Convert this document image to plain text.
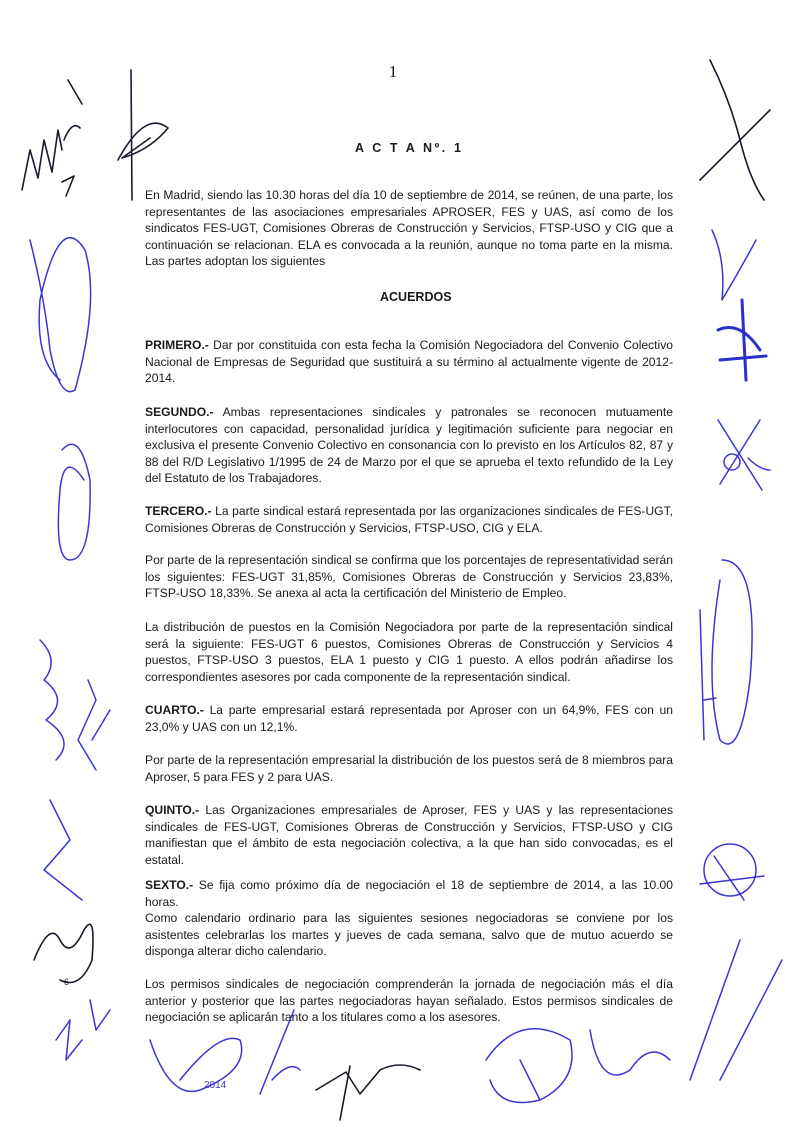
1
A C T A Nº. 1
En Madrid, siendo las 10.30 horas del día 10 de septiembre de 2014, se reúnen, de una parte, los representantes de las asociaciones empresariales APROSER, FES y UAS, así como de los sindicatos FES-UGT, Comisiones Obreras de Construcción y Servicios, FTSP-USO y CIG que a continuación se relacionan. ELA es convocada a la reunión, aunque no toma parte en la misma. Las partes adoptan los siguientes
ACUERDOS
PRIMERO.- Dar por constituida con esta fecha la Comisión Negociadora del Convenio Colectivo Nacional de Empresas de Seguridad que sustituirá a su término al actualmente vigente de 2012-2014.
SEGUNDO.- Ambas representaciones sindicales y patronales se reconocen mutuamente interlocutores con capacidad, personalidad jurídica y legitimación suficiente para negociar en exclusiva el presente Convenio Colectivo en consonancia con lo previsto en los Artículos 82, 87 y 88 del R/D Legislativo 1/1995 de 24 de Marzo por el que se aprueba el texto refundido de la Ley del Estatuto de los Trabajadores.
TERCERO.- La parte sindical estará representada por las organizaciones sindicales de FES-UGT, Comisiones Obreras de Construcción y Servicios, FTSP-USO, CIG y ELA.
Por parte de la representación sindical se confirma que los porcentajes de representatividad serán los siguientes: FES-UGT 31,85%, Comisiones Obreras de Construcción y Servicios 23,83%, FTSP-USO 18,33%. Se anexa al acta la certificación del Ministerio de Empleo.
La distribución de puestos en la Comisión Negociadora por parte de la representación sindical será la siguiente: FES-UGT 6 puestos, Comisiones Obreras de Construcción y Servicios 4 puestos, FTSP-USO 3 puestos, ELA 1 puesto y CIG 1 puesto. A ellos podrán añadirse los correspondientes asesores por cada componente de la representación sindical.
CUARTO.- La parte empresarial estará representada por Aproser con un 64,9%, FES con un 23,0% y UAS con un 12,1%.
Por parte de la representación empresarial la distribución de los puestos será de 8 miembros para Aproser, 5 para FES y 2 para UAS.
QUINTO.- Las Organizaciones empresariales de Aproser, FES y UAS y las representaciones sindicales de FES-UGT, Comisiones Obreras de Construcción y Servicios, FTSP-USO y CIG manifiestan que el ámbito de esta negociación colectiva, a la que han sido convocadas, es el estatal.
SEXTO.- Se fija como próximo día de negociación el 18 de septiembre de 2014, a las 10.00 horas.
Como calendario ordinario para las siguientes sesiones negociadoras se conviene por los asistentes celebrarlas los martes y jueves de cada semana, salvo que de mutuo acuerdo se disponga alterar dicho calendario.
Los permisos sindicales de negociación comprenderán la jornada de negociación más el día anterior y posterior que las partes negociadoras hayan señalado. Estos permisos sindicales de negociación se aplicarán tanto a los titulares como a los asesores.
6
2014
